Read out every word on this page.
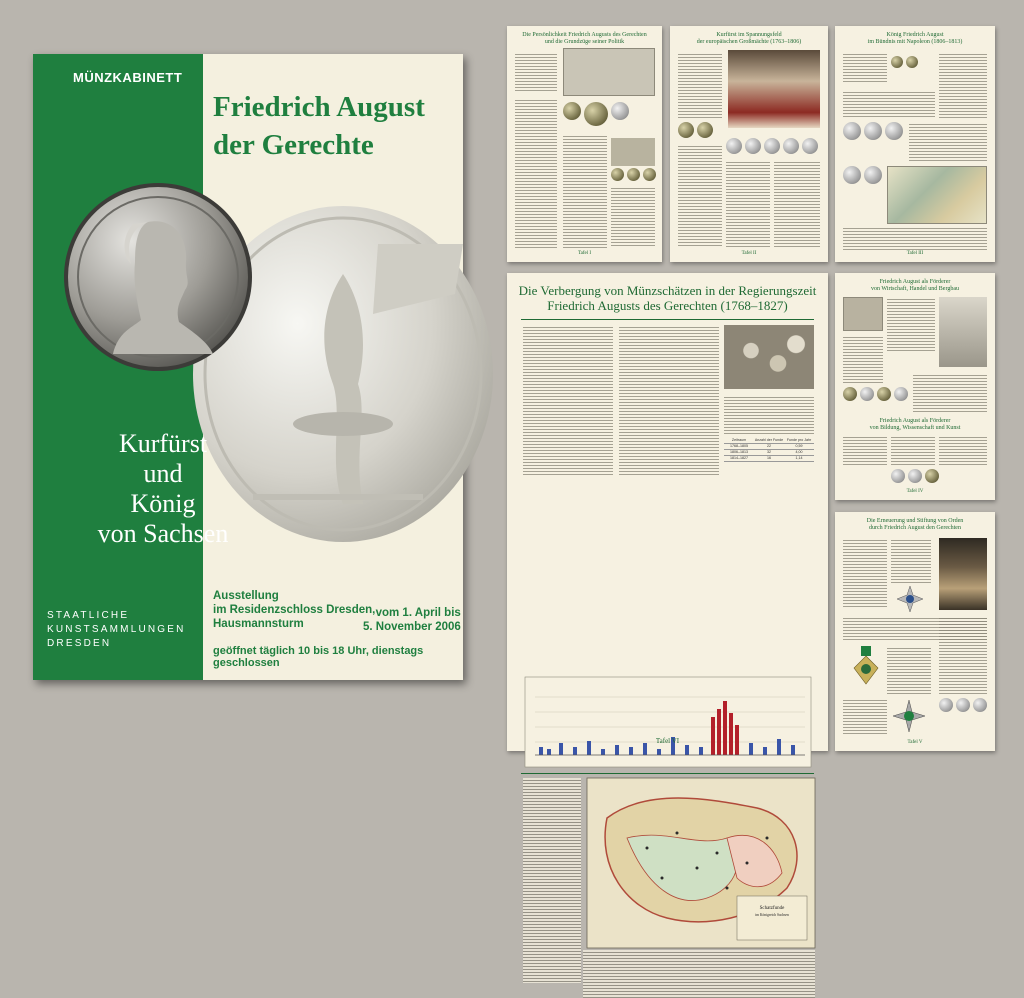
MÜNZKABINETT
Friedrich August
der Gerechte
Kurfürst
und
König
von Sachsen
STAATLICHE
KUNSTSAMMLUNGEN
DRESDEN
Ausstellung
im Residenzschloss Dresden,
Hausmannsturm
vom 1. April bis
5. November 2006
geöffnet täglich 10 bis 18 Uhr, dienstags geschlossen
Die Persönlichkeit Friedrich Augusts des Gerechten
und die Grundzüge seiner Politik
Tafel I
Kurfürst im Spannungsfeld
der europäischen Großmächte (1763–1806)
Tafel II
König Friedrich August
im Bündnis mit Napoleon (1806–1813)
Tafel III
Die Verbergung von Münzschätzen in der Regierungszeit
Friedrich Augusts des Gerechten (1768–1827)
Zeitraum	Anzahl der Funde	Funde pro Jahr
1768–1805	22	0,59
1806–1813	32	4,00
1814–1827	16	1,14
Schatzfunde
im Königreich Sachsen
Tafel VI
Friedrich August als Förderer
von Wirtschaft, Handel und Bergbau
Friedrich August als Förderer
von Bildung, Wissenschaft und Kunst
Tafel IV
Die Erneuerung und Stiftung von Orden
durch Friedrich August den Gerechten
Tafel V
